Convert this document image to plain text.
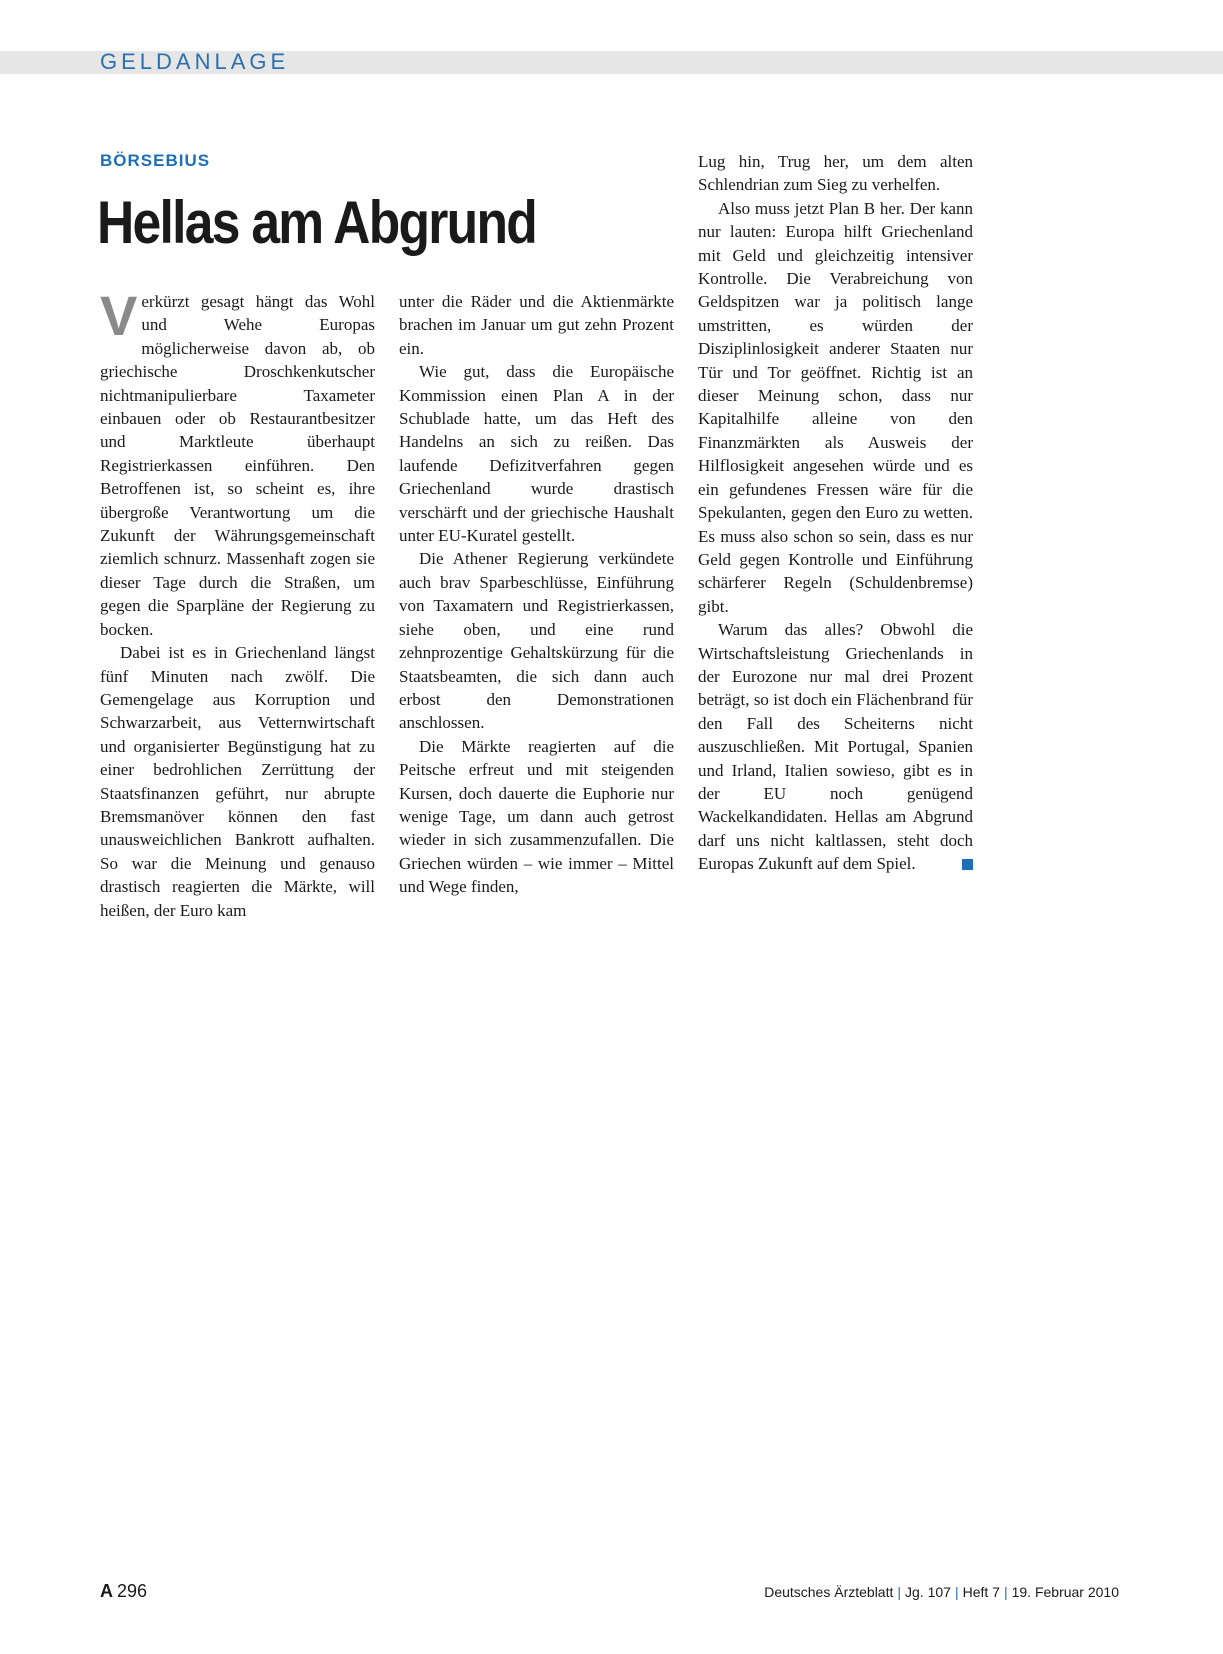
GELDANLAGE
BÖRSEBIUS
Hellas am Abgrund

Verkürzt gesagt hängt das Wohl und Wehe Europas möglicherweise davon ab, ob griechische Droschkenkutscher nichtmanipulierbare Taxameter einbauen oder ob Restaurantbesitzer und Marktleute überhaupt Registrierkassen einführen. Den Betroffenen ist, so scheint es, ihre übergroße Verantwortung um die Zukunft der Währungsgemeinschaft ziemlich schnurz. Massenhaft zogen sie dieser Tage durch die Straßen, um gegen die Sparpläne der Regierung zu bocken.

Dabei ist es in Griechenland längst fünf Minuten nach zwölf. Die Gemengelage aus Korruption und Schwarzarbeit, aus Vetternwirtschaft und organisierter Begünstigung hat zu einer bedrohlichen Zerrüttung der Staatsfinanzen geführt, nur abrupte Bremsmanöver können den fast unausweichlichen Bankrott aufhalten. So war die Meinung und genauso drastisch reagierten die Märkte, will heißen, der Euro kam

unter die Räder und die Aktienmärkte brachen im Januar um gut zehn Prozent ein.

Wie gut, dass die Europäische Kommission einen Plan A in der Schublade hatte, um das Heft des Handelns an sich zu reißen. Das laufende Defizitverfahren gegen Griechenland wurde drastisch verschärft und der griechische Haushalt unter EU-Kuratel gestellt.

Die Athener Regierung verkündete auch brav Sparbeschlüsse, Einführung von Taxamatern und Registrierkassen, siehe oben, und eine rund zehnprozentige Gehaltskürzung für die Staatsbeamten, die sich dann auch erbost den Demonstrationen anschlossen.

Die Märkte reagierten auf die Peitsche erfreut und mit steigenden Kursen, doch dauerte die Euphorie nur wenige Tage, um dann auch getrost wieder in sich zusammenzufallen. Die Griechen würden – wie immer – Mittel und Wege finden,

Lug hin, Trug her, um dem alten Schlendrian zum Sieg zu verhelfen.

Also muss jetzt Plan B her. Der kann nur lauten: Europa hilft Griechenland mit Geld und gleichzeitig intensiver Kontrolle. Die Verabreichung von Geldspitzen war ja politisch lange umstritten, es würden der Disziplinlosigkeit anderer Staaten nur Tür und Tor geöffnet. Richtig ist an dieser Meinung schon, dass nur Kapitalhilfe alleine von den Finanzmärkten als Ausweis der Hilflosigkeit angesehen würde und es ein gefundenes Fressen wäre für die Spekulanten, gegen den Euro zu wetten. Es muss also schon so sein, dass es nur Geld gegen Kontrolle und Einführung schärferer Regeln (Schuldenbremse) gibt.

Warum das alles? Obwohl die Wirtschaftsleistung Griechenlands in der Eurozone nur mal drei Prozent beträgt, so ist doch ein Flächenbrand für den Fall des Scheiterns nicht auszuschließen. Mit Portugal, Spanien und Irland, Italien sowieso, gibt es in der EU noch genügend Wackelkandidaten. Hellas am Abgrund darf uns nicht kaltlassen, steht doch Europas Zukunft auf dem Spiel.

A 296	Deutsches Ärzteblatt | Jg. 107 | Heft 7 | 19. Februar 2010
